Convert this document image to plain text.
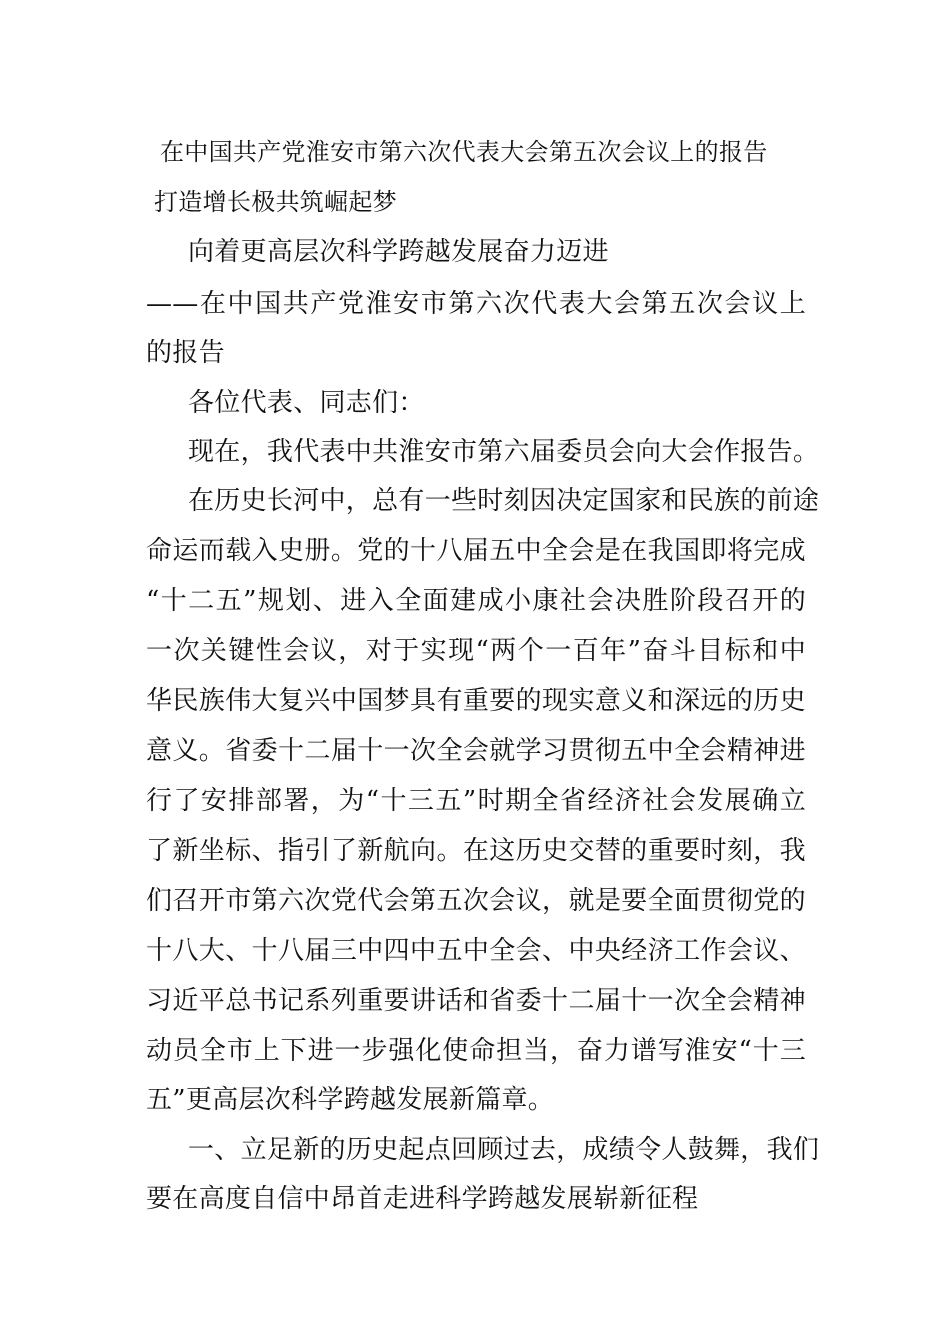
在中国共产党淮安市第六次代表大会第五次会议上的报告
打造增长极共筑崛起梦
向着更高层次科学跨越发展奋力迈进
——在中国共产党淮安市第六次代表大会第五次会议上
的报告
各位代表、同志们：
现在，我代表中共淮安市第六届委员会向大会作报告。
在历史长河中，总有一些时刻因决定国家和民族的前途
命运而载入史册。党的十八届五中全会是在我国即将完成
“十二五”规划、进入全面建成小康社会决胜阶段召开的
一次关键性会议，对于实现“两个一百年”奋斗目标和中
华民族伟大复兴中国梦具有重要的现实意义和深远的历史
意义。省委十二届十一次全会就学习贯彻五中全会精神进
行了安排部署，为“十三五”时期全省经济社会发展确立
了新坐标、指引了新航向。在这历史交替的重要时刻，我
们召开市第六次党代会第五次会议，就是要全面贯彻党的
十八大、十八届三中四中五中全会、中央经济工作会议、
习近平总书记系列重要讲话和省委十二届十一次全会精神
动员全市上下进一步强化使命担当，奋力谱写淮安“十三
五”更高层次科学跨越发展新篇章。
一、立足新的历史起点回顾过去，成绩令人鼓舞，我们
要在高度自信中昂首走进科学跨越发展崭新征程
